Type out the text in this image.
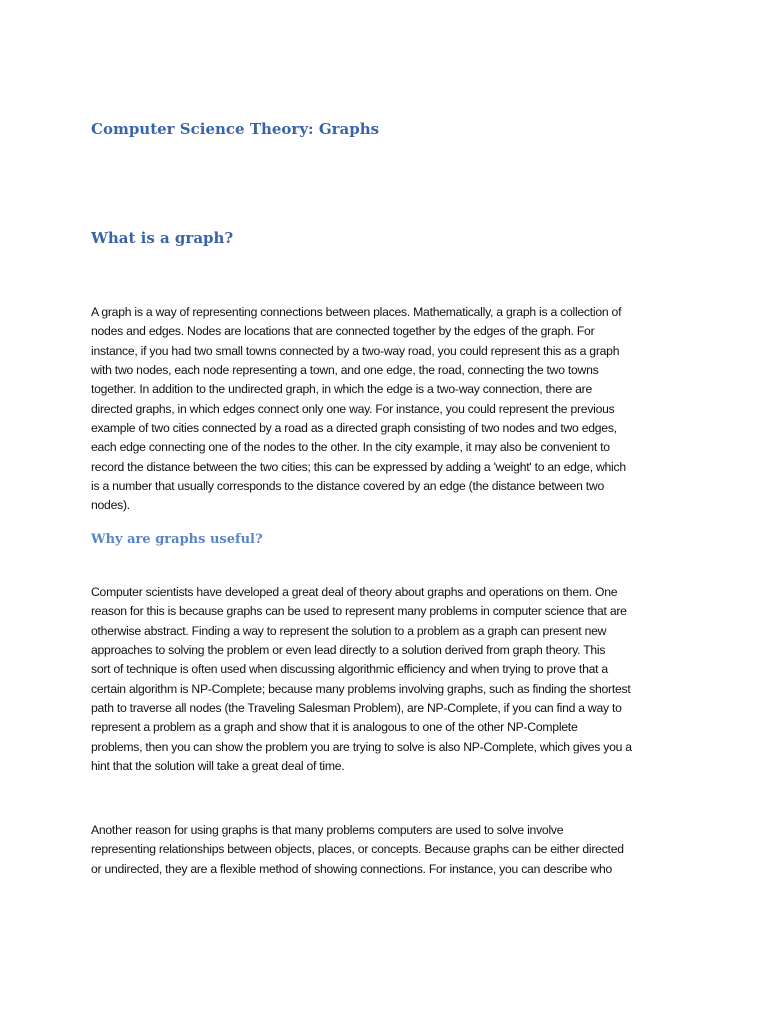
Computer Science Theory: Graphs
What is a graph?
A graph is a way of representing connections between places. Mathematically, a graph is a collection of
nodes and edges. Nodes are locations that are connected together by the edges of the graph. For
instance, if you had two small towns connected by a two-way road, you could represent this as a graph
with two nodes, each node representing a town, and one edge, the road, connecting the two towns
together. In addition to the undirected graph, in which the edge is a two-way connection, there are
directed graphs, in which edges connect only one way. For instance, you could represent the previous
example of two cities connected by a road as a directed graph consisting of two nodes and two edges,
each edge connecting one of the nodes to the other. In the city example, it may also be convenient to
record the distance between the two cities; this can be expressed by adding a 'weight' to an edge, which
is a number that usually corresponds to the distance covered by an edge (the distance between two
nodes).
Why are graphs useful?
Computer scientists have developed a great deal of theory about graphs and operations on them. One
reason for this is because graphs can be used to represent many problems in computer science that are
otherwise abstract. Finding a way to represent the solution to a problem as a graph can present new
approaches to solving the problem or even lead directly to a solution derived from graph theory. This
sort of technique is often used when discussing algorithmic efficiency and when trying to prove that a
certain algorithm is NP-Complete; because many problems involving graphs, such as finding the shortest
path to traverse all nodes (the Traveling Salesman Problem), are NP-Complete, if you can find a way to
represent a problem as a graph and show that it is analogous to one of the other NP-Complete
problems, then you can show the problem you are trying to solve is also NP-Complete, which gives you a
hint that the solution will take a great deal of time.
Another reason for using graphs is that many problems computers are used to solve involve
representing relationships between objects, places, or concepts. Because graphs can be either directed
or undirected, they are a flexible method of showing connections. For instance, you can describe who
